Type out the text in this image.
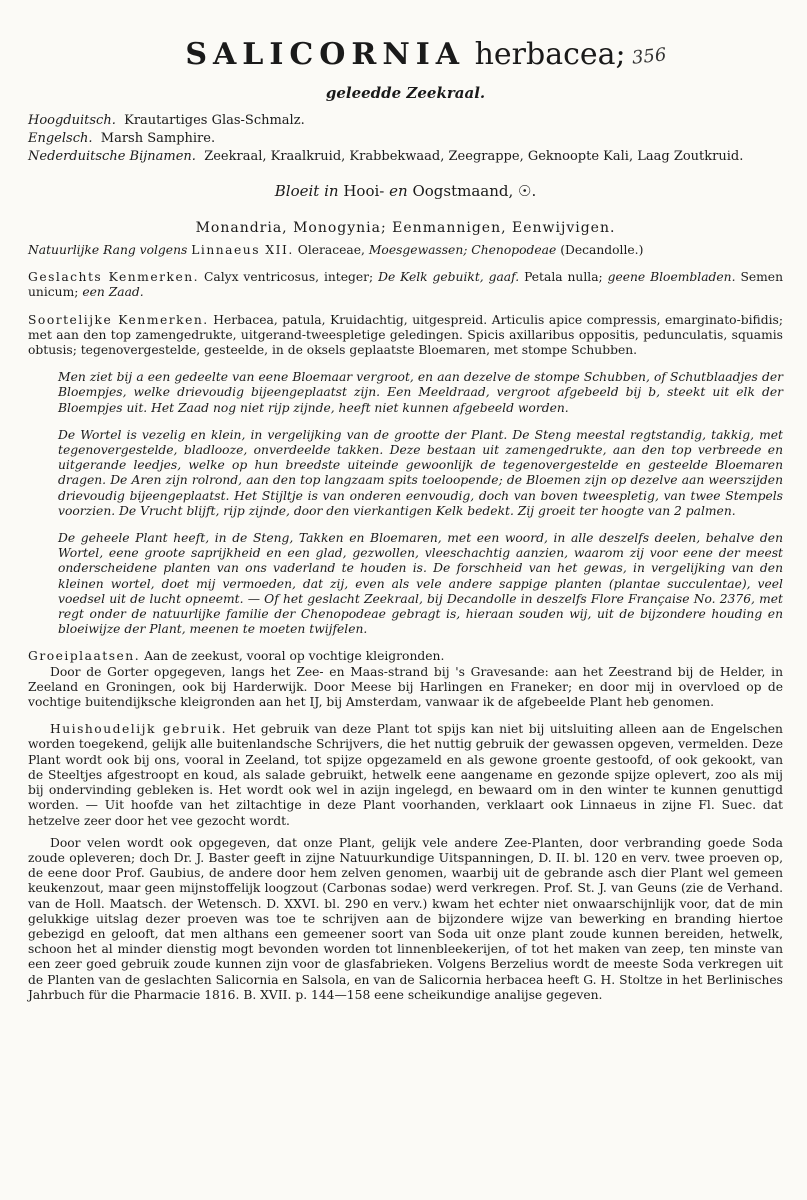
SALICORNIA herbacea;
geleedde Zeekraal.
Hoogduitsch. Krautartiges Glas-Schmalz.
Engelsch. Marsh Samphire.
Nederduitsche Bijnamen. Zeekraal, Kraalkruid, Krabbekwaad, Zeegrappe, Geknoopte Kali, Laag Zoutkruid.
Bloeit in Hooi- en Oogstmaand, ☉.
Monandria, Monogynia; Eenmannigen, Eenwijvigen.
Natuurlijke Rang volgens Linnaeus XII. Oleraceae, Moesgewassen; Chenopodeae (Decandolle.)
Geslachts Kenmerken. Calyx ventricosus, integer; De Kelk gebuikt, gaaf. Petala nulla; geene Bloembladen. Semen unicum; een Zaad.
Soortelijke Kenmerken. Herbacea, patula, Kruidachtig, uitgespreid. Articulis apice compressis, emarginato-bifidis; met aan den top zamengedrukte, uitgerand-tweespletige geledingen. Spicis axillaribus oppositis, pedunculatis, squamis obtusis; tegenovergestelde, gesteelde, in de oksels geplaatste Bloemaren, met stompe Schubben.
Men ziet bij a een gedeelte van eene Bloemaar vergroot, en aan dezelve de stompe Schubben, of Schutblaadjes der Bloempjes, welke drievoudig bijeengeplaatst zijn. Een Meeldraad, vergroot afgebeeld bij b, steekt uit elk der Bloempjes uit. Het Zaad nog niet rijp zijnde, heeft niet kunnen afgebeeld worden.
De Wortel is vezelig en klein, in vergelijking van de grootte der Plant. De Steng meestal regtstandig, takkig, met tegenovergestelde, bladlooze, onverdeelde takken. Deze bestaan uit zamengedrukte, aan den top verbreede en uitgerande leedjes, welke op hun breedste uiteinde gewoonlijk de tegenovergestelde en gesteelde Bloemaren dragen. De Aren zijn rolrond, aan den top langzaam spits toeloopende; de Bloemen zijn op dezelve aan weerszijden drievoudig bijeengeplaatst. Het Stijltje is van onderen eenvoudig, doch van boven tweespletig, van twee Stempels voorzien. De Vrucht blijft, rijp zijnde, door den vierkantigen Kelk bedekt. Zij groeit ter hoogte van 2 palmen.
De geheele Plant heeft, in de Steng, Takken en Bloemaren, met een woord, in alle deszelfs deelen, behalve den Wortel, eene groote saprijkheid en een glad, gezwollen, vleeschachtig aanzien, waarom zij voor eene der meest onderscheidene planten van ons vaderland te houden is. De forschheid van het gewas, in vergelijking van den kleinen wortel, doet mij vermoeden, dat zij, even als vele andere sappige planten (plantae succulentae), veel voedsel uit de lucht opneemt. — Of het geslacht Zeekraal, bij Decandolle in deszelfs Flore Française No. 2376, met regt onder de natuurlijke familie der Chenopodeae gebragt is, hieraan souden wij, uit de bijzondere houding en bloeiwijze der Plant, meenen te moeten twijfelen.
Groeiplaatsen. Aan de zeekust, vooral op vochtige kleigronden.
Door de Gorter opgegeven, langs het Zee- en Maas-strand bij 's Gravesande: aan het Zeestrand bij de Helder, in Zeeland en Groningen, ook bij Harderwijk. Door Meese bij Harlingen en Franeker; en door mij in overvloed op de vochtige buitendijksche kleigronden aan het IJ, bij Amsterdam, vanwaar ik de afgebeelde Plant heb genomen.
Huishoudelijk gebruik. Het gebruik van deze Plant tot spijs kan niet bij uitsluiting alleen aan de Engelschen worden toegekend, gelijk alle buitenlandsche Schrijvers, die het nuttig gebruik der gewassen opgeven, vermelden. Deze Plant wordt ook bij ons, vooral in Zeeland, tot spijze opgezameld en als gewone groente gestoofd, of ook gekookt, van de Steeltjes afgestroopt en koud, als salade gebruikt, hetwelk eene aangename en gezonde spijze oplevert, zoo als mij bij ondervinding gebleken is. Het wordt ook wel in azijn ingelegd, en bewaard om in den winter te kunnen genuttigd worden. — Uit hoofde van het ziltachtige in deze Plant voorhanden, verklaart ook Linnaeus in zijne Fl. Suec. dat hetzelve zeer door het vee gezocht wordt.
Door velen wordt ook opgegeven, dat onze Plant, gelijk vele andere Zee-Planten, door verbranding goede Soda zoude opleveren; doch Dr. J. Baster geeft in zijne Natuurkundige Uitspanningen, D. II. bl. 120 en verv. twee proeven op, de eene door Prof. Gaubius, de andere door hem zelven genomen, waarbij uit de gebrande asch dier Plant wel gemeen keukenzout, maar geen mijnstoffelijk loogzout (Carbonas sodae) werd verkregen. Prof. St. J. van Geuns (zie de Verhand. van de Holl. Maatsch. der Wetensch. D. XXVI. bl. 290 en verv.) kwam het echter niet onwaarschijnlijk voor, dat de min gelukkige uitslag dezer proeven was toe te schrijven aan de bijzondere wijze van bewerking en branding hiertoe gebezigd en gelooft, dat men althans een gemeener soort van Soda uit onze plant zoude kunnen bereiden, hetwelk, schoon het al minder dienstig mogt bevonden worden tot linnenbleekerijen, of tot het maken van zeep, ten minste van een zeer goed gebruik zoude kunnen zijn voor de glasfabrieken. Volgens Berzelius wordt de meeste Soda verkregen uit de Planten van de geslachten Salicornia en Salsola, en van de Salicornia herbacea heeft G. H. Stoltze in het Berlinisches Jahrbuch für die Pharmacie 1816. B. XVII. p. 144—158 eene scheikundige analijse gegeven.
356
